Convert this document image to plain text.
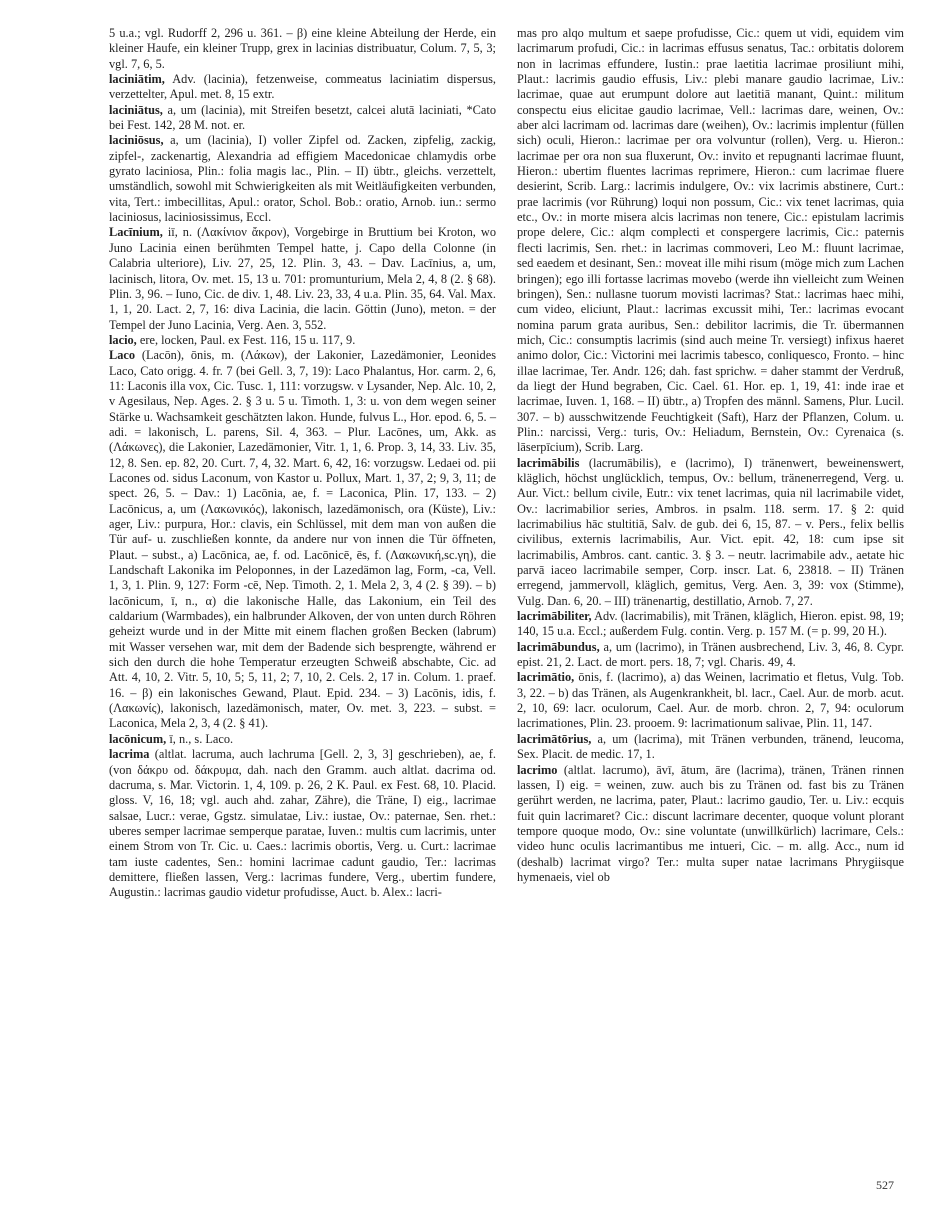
5 u.a.; vgl. Rudorff 2, 296 u. 361. – β) eine kleine Abteilung der Herde, ein kleiner Haufe, ein kleiner Trupp, grex in lacinias distribuatur, Colum. 7, 5, 3; vgl. 7, 6, 5.

laciniātim, Adv. (lacinia), fetzenweise, commeatus laciniatim dispersus, verzettelter, Apul. met. 8, 15 extr.

laciniātus, a, um (lacinia), mit Streifen besetzt, calcei alutā laciniati, *Cato bei Fest. 142, 28 M. not. er.

laciniōsus, a, um (lacinia), I) voller Zipfel od. Zacken, zipfelig, zackig, zipfel-, zackenartig, Alexandria ad effigiem Macedonicae chlamydis orbe gyrato laciniosa, Plin.: folia magis lac., Plin. – II) übtr., gleichs. verzettelt, umständlich, sowohl mit Schwierigkeiten als mit Weitläufigkeiten verbunden, vita, Tert.: imbecillitas, Apul.: orator, Schol. Bob.: oratio, Arnob. iun.: sermo laciniosus, laciniosissimus, Eccl.

Lacīnium, iī, n. (Λακίνιον ἄκρον), Vorgebirge in Bruttium bei Kroton, wo Juno Lacinia einen berühmten Tempel hatte, j. Capo della Colonne (in Calabria ulteriore), Liv. 27, 25, 12. Plin. 3, 43. – Dav. Lacīnius, a, um, lacinisch, litora, Ov. met. 15, 13 u. 701: promunturium, Mela 2, 4, 8 (2. § 68). Plin. 3, 96. – Iuno, Cic. de div. 1, 48. Liv. 23, 33, 4 u.a. Plin. 35, 64. Val. Max. 1, 1, 20. Lact. 2, 7, 16: diva Lacinia, die lacin. Göttin (Juno), meton. = der Tempel der Juno Lacinia, Verg. Aen. 3, 552.

lacio, ere, locken, Paul. ex Fest. 116, 15 u. 117, 9.

Laco (Lacōn), ōnis, m. (Λάκων), der Lakonier, Lazedämonier, Leonides Laco, Cato origg. 4. fr. 7 (bei Gell. 3, 7, 19): Laco Phalantus, Hor. carm. 2, 6, 11: Laconis illa vox, Cic. Tusc. 1, 111: vorzugsw. v Lysander, Nep. Alc. 10, 2, v Agesilaus, Nep. Ages. 2. § 3 u. 5 u. Timoth. 1, 3: u. von dem wegen seiner Stärke u. Wachsamkeit geschätzten lakon. Hunde, fulvus L., Hor. epod. 6, 5. – adi. = lakonisch, L. parens, Sil. 4, 363. – Plur. Lacōnes, um, Akk. as (Λάκωνες), die Lakonier, Lazedämonier, Vitr. 1, 1, 6. Prop. 3, 14, 33. Liv. 35, 12, 8. Sen. ep. 82, 20. Curt. 7, 4, 32. Mart. 6, 42, 16: vorzugsw. Ledaei od. pii Lacones od. sidus Laconum, von Kastor u. Pollux, Mart. 1, 37, 2; 9, 3, 11; de spect. 26, 5. – Dav.: 1) Lacōnia, ae, f. = Laconica, Plin. 17, 133. – 2) Lacōnicus, a, um (Λακωνικός), lakonisch, lazedämonisch, ora (Küste), Liv.: ager, Liv.: purpura, Hor.: clavis, ein Schlüssel, mit dem man von außen die Tür auf- u. zuschließen konnte, da andere nur von innen die Tür öffneten, Plaut. – subst., a) Lacōnica, ae, f. od. Lacōnicē, ēs, f. (Λακωνική,sc.γη), die Landschaft Lakonika im Peloponnes, in der Lazedämon lag, Form, -ca, Vell. 1, 3, 1. Plin. 9, 127: Form -cē, Nep. Timoth. 2, 1. Mela 2, 3, 4 (2. § 39). – b) lacōnicum, ī, n., α) die lakonische Halle, das Lakonium, ein Teil des caldarium (Warmbades), ein halbrunder Alkoven, der von unten durch Röhren geheizt wurde und in der Mitte mit einem flachen großen Becken (labrum) mit Wasser versehen war, mit dem der Badende sich besprengte, während er sich den durch die hohe Temperatur erzeugten Schweiß abschabte, Cic. ad Att. 4, 10, 2. Vitr. 5, 10, 5; 5, 11, 2; 7, 10, 2. Cels. 2, 17 in. Colum. 1. praef. 16. – β) ein lakonisches Gewand, Plaut. Epid. 234. – 3) Lacōnis, idis, f. (Λακωνίς), lakonisch, lazedämonisch, mater, Ov. met. 3, 223. – subst. = Laconica, Mela 2, 3, 4 (2. § 41).

lacōnicum, ī, n., s. Laco.

lacrima (altlat. lacruma, auch lachruma [Gell. 2, 3, 3] geschrieben), ae, f. (von δάκρυ od. δάκρυμα, dah. nach den Gramm. auch altlat. dacrima od. dacruma, s. Mar. Victorin. 1, 4, 109. p. 26, 2 K. Paul. ex Fest. 68, 10. Placid. gloss. V, 16, 18; vgl. auch ahd. zahar, Zähre), die Träne, I) eig., lacrimae salsae, Lucr.: verae, Ggstz. simulatae, Liv.: iustae, Ov.: paternae, Sen. rhet.: uberes semper lacrimae semperque paratae, Iuven.: multis cum lacrimis, unter einem Strom von Tr. Cic. u. Caes.: lacrimis obortis, Verg. u. Curt.: lacrimae tam iuste cadentes, Sen.: homini lacrimae cadunt gaudio, Ter.: lacrimas demittere, fließen lassen, Verg.: lacrimas fundere, Verg., ubertim fundere, Augustin.: lacrimas gaudio videtur profudisse, Auct. b. Alex.: lacri-

mas pro alqo multum et saepe profudisse, Cic.: quem ut vidi, equidem vim lacrimarum profudi, Cic.: in lacrimas effusus senatus, Tac.: orbitatis dolorem non in lacrimas effundere, Iustin.: prae laetitia lacrimae prosiliunt mihi, Plaut.: lacrimis gaudio effusis, Liv.: plebi manare gaudio lacrimae, Liv.: lacrimae, quae aut erumpunt dolore aut laetitiā manant, Quint.: militum conspectu eius elicitae gaudio lacrimae, Vell.: lacrimas dare, weinen, Ov.: aber alci lacrimam od. lacrimas dare (weihen), Ov.: lacrimis implentur (füllen sich) oculi, Hieron.: lacrimae per ora volvuntur (rollen), Verg. u. Hieron.: lacrimae per ora non sua fluxerunt, Ov.: invito et repugnanti lacrimae fluunt, Hieron.: ubertim fluentes lacrimas reprimere, Hieron.: cum lacrimae fluere desierint, Scrib. Larg.: lacrimis indulgere, Ov.: vix lacrimis abstinere, Curt.: prae lacrimis (vor Rührung) loqui non possum, Cic.: vix tenet lacrimas, quia etc., Ov.: in morte misera alcis lacrimas non tenere, Cic.: epistulam lacrimis prope delere, Cic.: alqm complecti et conspergere lacrimis, Cic.: paternis flecti lacrimis, Sen. rhet.: in lacrimas commoveri, Leo M.: fluunt lacrimae, sed eaedem et desinant, Sen.: moveat ille mihi risum (möge mich zum Lachen bringen); ego illi fortasse lacrimas movebo (werde ihn vielleicht zum Weinen bringen), Sen.: nullasne tuorum movisti lacrimas? Stat.: lacrimas haec mihi, cum video, eliciunt, Plaut.: lacrimas excussit mihi, Ter.: lacrimas evocant nomina parum grata auribus, Sen.: debilitor lacrimis, die Tr. übermannen mich, Cic.: consumptis lacrimis (sind auch meine Tr. versiegt) infixus haeret animo dolor, Cic.: Victorini mei lacrimis tabesco, conliquesco, Fronto. – hinc illae lacrimae, Ter. Andr. 126; dah. fast sprichw. = daher stammt der Verdruß, da liegt der Hund begraben, Cic. Cael. 61. Hor. ep. 1, 19, 41: inde irae et lacrimae, Iuven. 1, 168. – II) übtr., a) Tropfen des männl. Samens, Plur. Lucil. 307. – b) ausschwitzende Feuchtigkeit (Saft), Harz der Pflanzen, Colum. u. Plin.: narcissi, Verg.: turis, Ov.: Heliadum, Bernstein, Ov.: Cyrenaica (s. lāserpīcium), Scrib. Larg.

lacrimābilis (lacrumābilis), e (lacrimo), I) tränenwert, beweinenswert, kläglich, höchst unglücklich, tempus, Ov.: bellum, tränenerregend, Verg. u. Aur. Vict.: bellum civile, Eutr.: vix tenet lacrimas, quia nil lacrimabile videt, Ov.: lacrimabilior series, Ambros. in psalm. 118. serm. 17. § 2: quid lacrimabilius hāc stultitiā, Salv. de gub. dei 6, 15, 87. – v. Pers., felix bellis civilibus, externis lacrimabilis, Aur. Vict. epit. 42, 18: cum ipse sit lacrimabilis, Ambros. cant. cantic. 3. § 3. – neutr. lacrimabile adv., aetate hic parvā iaceo lacrimabile semper, Corp. inscr. Lat. 6, 23818. – II) Tränen erregend, jammervoll, kläglich, gemitus, Verg. Aen. 3, 39: vox (Stimme), Vulg. Dan. 6, 20. – III) tränenartig, destillatio, Arnob. 7, 27.

lacrimābiliter, Adv. (lacrimabilis), mit Tränen, kläglich, Hieron. epist. 98, 19; 140, 15 u.a. Eccl.; außerdem Fulg. contin. Verg. p. 157 M. (= p. 99, 20 H.).

lacrimābundus, a, um (lacrimo), in Tränen ausbrechend, Liv. 3, 46, 8. Cypr. epist. 21, 2. Lact. de mort. pers. 18, 7; vgl. Charis. 49, 4.

lacrimātio, ōnis, f. (lacrimo), a) das Weinen, lacrimatio et fletus, Vulg. Tob. 3, 22. – b) das Tränen, als Augenkrankheit, bl. lacr., Cael. Aur. de morb. acut. 2, 10, 69: lacr. oculorum, Cael. Aur. de morb. chron. 2, 7, 94: oculorum lacrimationes, Plin. 23. prooem. 9: lacrimationum salivae, Plin. 11, 147.

lacrimātōrius, a, um (lacrima), mit Tränen verbunden, tränend, leucoma, Sex. Placit. de medic. 17, 1.

lacrimo (altlat. lacrumo), āvī, ātum, āre (lacrima), tränen, Tränen rinnen lassen, I) eig. = weinen, zuw. auch bis zu Tränen od. fast bis zu Tränen gerührt werden, ne lacrima, pater, Plaut.: lacrimo gaudio, Ter. u. Liv.: ecquis fuit quin lacrimaret? Cic.: discunt lacrimare decenter, quoque volunt plorant tempore quoque modo, Ov.: sine voluntate (unwillkürlich) lacrimare, Cels.: video hunc oculis lacrimantibus me intueri, Cic. – m. allg. Acc., num id (deshalb) lacrimat virgo? Ter.: multa super natae lacrimans Phrygiisque hymenaeis, viel ob

527
